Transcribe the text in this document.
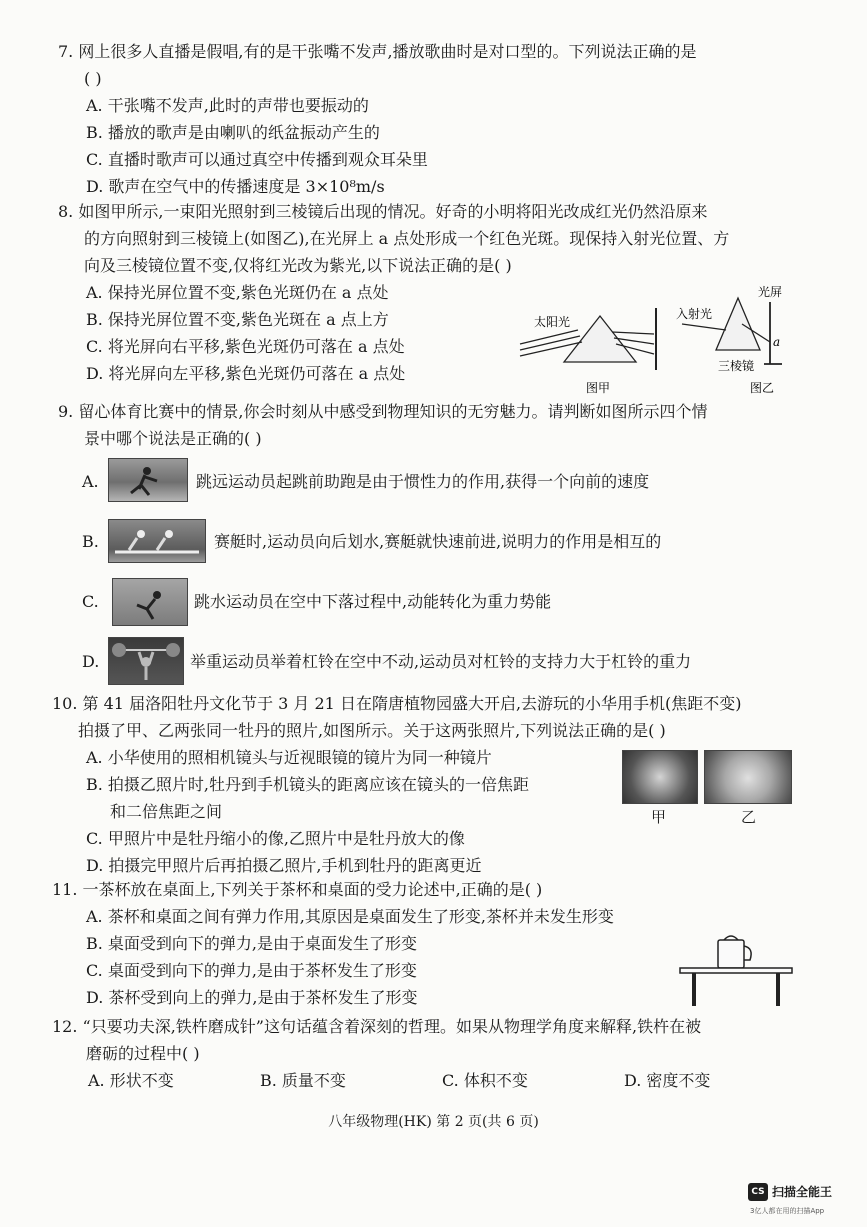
7. 网上很多人直播是假唱,有的是干张嘴不发声,播放歌曲时是对口型的。下列说法正确的是
( )
A. 干张嘴不发声,此时的声带也要振动的
B. 播放的歌声是由喇叭的纸盆振动产生的
C. 直播时歌声可以通过真空中传播到观众耳朵里
D. 歌声在空气中的传播速度是 3×10⁸m/s
8. 如图甲所示,一束阳光照射到三棱镜后出现的情况。好奇的小明将阳光改成红光仍然沿原来
的方向照射到三棱镜上(如图乙),在光屏上 a 点处形成一个红色光斑。现保持入射光位置、方
向及三棱镜位置不变,仅将红光改为紫光,以下说法正确的是( )
A. 保持光屏位置不变,紫色光斑仍在 a 点处
B. 保持光屏位置不变,紫色光斑在 a 点上方
C. 将光屏向右平移,紫色光斑仍可落在 a 点处
D. 将光屏向左平移,紫色光斑仍可落在 a 点处
太阳光
图甲
入射光
光屏
a
三棱镜
图乙
9. 留心体育比赛中的情景,你会时刻从中感受到物理知识的无穷魅力。请判断如图所示四个情
景中哪个说法是正确的( )
A.	跳远运动员起跳前助跑是由于惯性力的作用,获得一个向前的速度
B.	赛艇时,运动员向后划水,赛艇就快速前进,说明力的作用是相互的
C.	跳水运动员在空中下落过程中,动能转化为重力势能
D.	举重运动员举着杠铃在空中不动,运动员对杠铃的支持力大于杠铃的重力
10. 第 41 届洛阳牡丹文化节于 3 月 21 日在隋唐植物园盛大开启,去游玩的小华用手机(焦距不变)
拍摄了甲、乙两张同一牡丹的照片,如图所示。关于这两张照片,下列说法正确的是( )
A. 小华使用的照相机镜头与近视眼镜的镜片为同一种镜片
B. 拍摄乙照片时,牡丹到手机镜头的距离应该在镜头的一倍焦距
和二倍焦距之间
C. 甲照片中是牡丹缩小的像,乙照片中是牡丹放大的像
D. 拍摄完甲照片后再拍摄乙照片,手机到牡丹的距离更近
甲	乙
11. 一茶杯放在桌面上,下列关于茶杯和桌面的受力论述中,正确的是( )
A. 茶杯和桌面之间有弹力作用,其原因是桌面发生了形变,茶杯并未发生形变
B. 桌面受到向下的弹力,是由于桌面发生了形变
C. 桌面受到向下的弹力,是由于茶杯发生了形变
D. 茶杯受到向上的弹力,是由于茶杯发生了形变
12. “只要功夫深,铁杵磨成针”这句话蕴含着深刻的哲理。如果从物理学角度来解释,铁杵在被
磨砺的过程中( )
A. 形状不变	B. 质量不变	C. 体积不变	D. 密度不变
八年级物理(HK) 第 2 页(共 6 页)
CS 扫描全能王
3亿人都在用的扫描App
